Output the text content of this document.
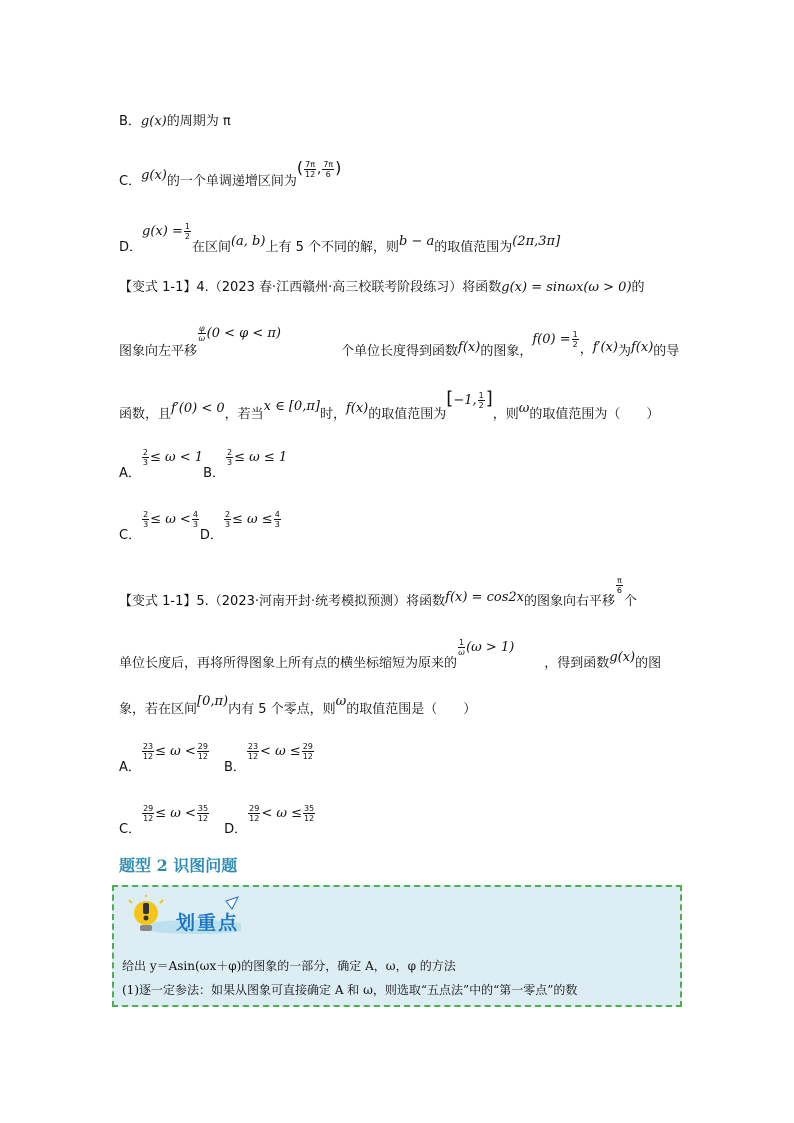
B．g(x)的周期为 π
C．g(x)的一个单调递增区间为( $\frac{7\pi}{12}$ , $\frac{7\pi}{6}$ )
D．$g(x) = \frac{1}{2}$
在区间(a, b)上有 5 个不同的解，则b − a的取值范围为(2π,3π]
【变式 1-1】4.（2023 春·江西赣州·高三校联考阶段练习）将函数g(x) = sinωx(ω > 0)的
图象向左平移
$\frac{\varphi}{\omega} (0 < \varphi < \pi)$个单位长度得到函数f(x)的图象，$f(0) = \frac{1}{2}$
，f′(x)为f(x)的导
函数，且f′(0) < 0，若当x ∈ [0,π]时，f(x)的取值范围为[−1, $\frac{1}{2}$ ]，则ω的取值范围为（　　）
A．
$\frac{2}{3} \le \omega < 1B$．
$\frac{2}{3} \le \omega \le 1$
C．
$\frac{2}{3} \le \omega < \frac{4}{3}$
D．
$\frac{2}{3} \le \omega \le \frac{4}{3}$
【变式 1-1】5.（2023·河南开封·统考模拟预测）将函数f(x) = cos2x的图象向右平移
$\frac{\pi}{6}$
个
单位长度后，再将所得图象上所有点的横坐标缩短为原来的
$\frac{1}{\omega} (\omega > 1)$，得到函数g(x)的图
象，若在区间[0,π)内有 5 个零点，则ω的取值范围是（　　）
A．
$\frac{23}{12} \le \omega < \frac{29}{12}$
B．
$\frac{23}{12} < \omega \le \frac{29}{12}$
C．
$\frac{29}{12} \le \omega < \frac{35}{12}$
D．
$\frac{29}{12} < \omega \le \frac{35}{12}$
题型 2 识图问题
划重点
给出 y＝Asin(ωx＋φ)的图象的一部分，确定 A，ω，φ 的方法
(1)逐一定参法：如果从图象可直接确定 A 和 ω，则选取“五点法”中的“第一零点”的数
